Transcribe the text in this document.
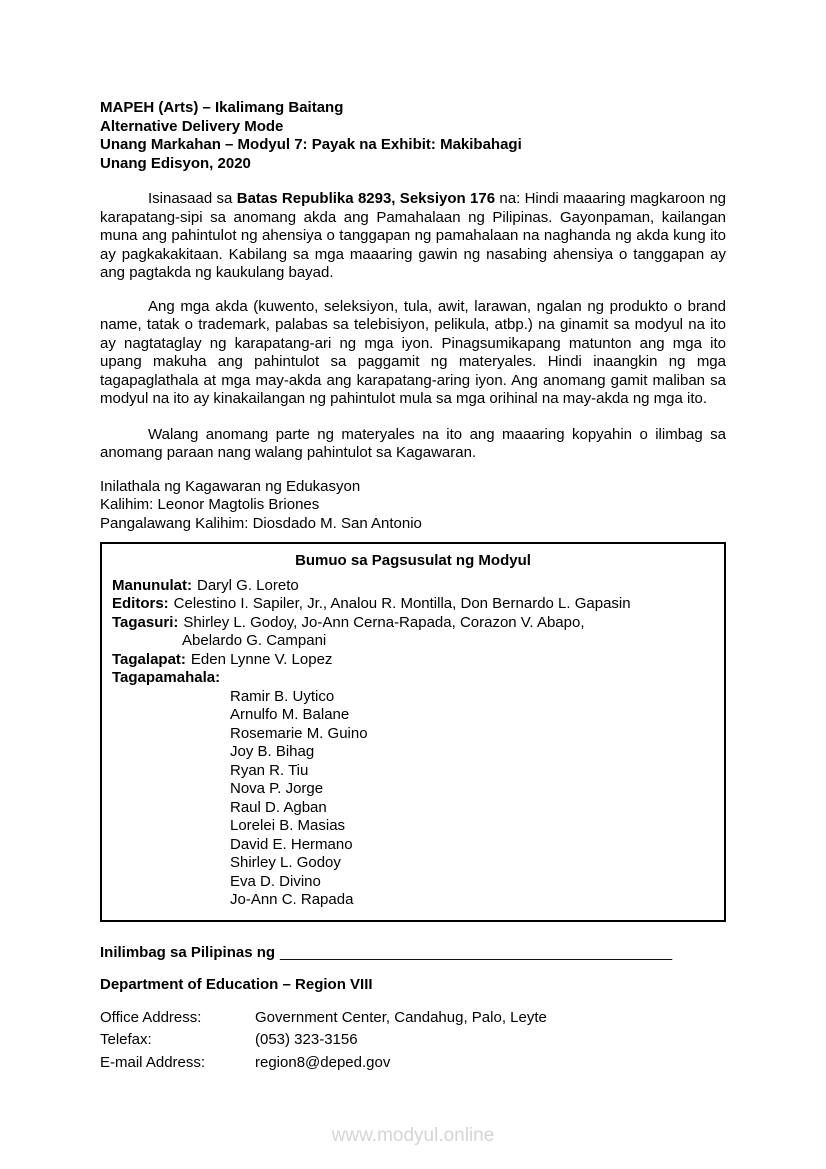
MAPEH (Arts) – Ikalimang Baitang
Alternative Delivery Mode
Unang Markahan – Modyul 7: Payak na Exhibit: Makibahagi
Unang Edisyon, 2020

Isinasaad sa Batas Republika 8293, Seksiyon 176 na: Hindi maaaring magkaroon ng karapatang-sipi sa anomang akda ang Pamahalaan ng Pilipinas. Gayonpaman, kailangan muna ang pahintulot ng ahensiya o tanggapan ng pamahalaan na naghanda ng akda kung ito ay pagkakakitaan. Kabilang sa mga maaaring gawin ng nasabing ahensiya o tanggapan ay ang pagtakda ng kaukulang bayad.

Ang mga akda (kuwento, seleksiyon, tula, awit, larawan, ngalan ng produkto o brand name, tatak o trademark, palabas sa telebisiyon, pelikula, atbp.) na ginamit sa modyul na ito ay nagtataglay ng karapatang-ari ng mga iyon. Pinagsumikapang matunton ang mga ito upang makuha ang pahintulot sa paggamit ng materyales. Hindi inaangkin ng mga tagapaglathala at mga may-akda ang karapatang-aring iyon. Ang anomang gamit maliban sa modyul na ito ay kinakailangan ng pahintulot mula sa mga orihinal na may-akda ng mga ito.

Walang anomang parte ng materyales na ito ang maaaring kopyahin o ilimbag sa anomang paraan nang walang pahintulot sa Kagawaran.

Inilathala ng Kagawaran ng Edukasyon
Kalihim: Leonor Magtolis Briones
Pangalawang Kalihim: Diosdado M. San Antonio
Bumuo sa Pagsusulat ng Modyul
Manunulat: Daryl G. Loreto
Editors: Celestino I. Sapiler, Jr., Analou R. Montilla, Don Bernardo L. Gapasin
Tagasuri: Shirley L. Godoy, Jo-Ann Cerna-Rapada, Corazon V. Abapo,
Abelardo G. Campani
Tagalapat: Eden Lynne V. Lopez
Tagapamahala:
Ramir B. Uytico
Arnulfo M. Balane
Rosemarie M. Guino
Joy B. Bihag
Ryan R. Tiu
Nova P. Jorge
Raul D. Agban
Lorelei B. Masias
David E. Hermano
Shirley L. Godoy
Eva D. Divino
Jo-Ann C. Rapada
Inilimbag sa Pilipinas ng _______________________________________________
Department of Education – Region VIII
Office Address:	Government Center, Candahug, Palo, Leyte
Telefax:	(053) 323-3156
E-mail Address:	region8@deped.gov
www.modyul.online
